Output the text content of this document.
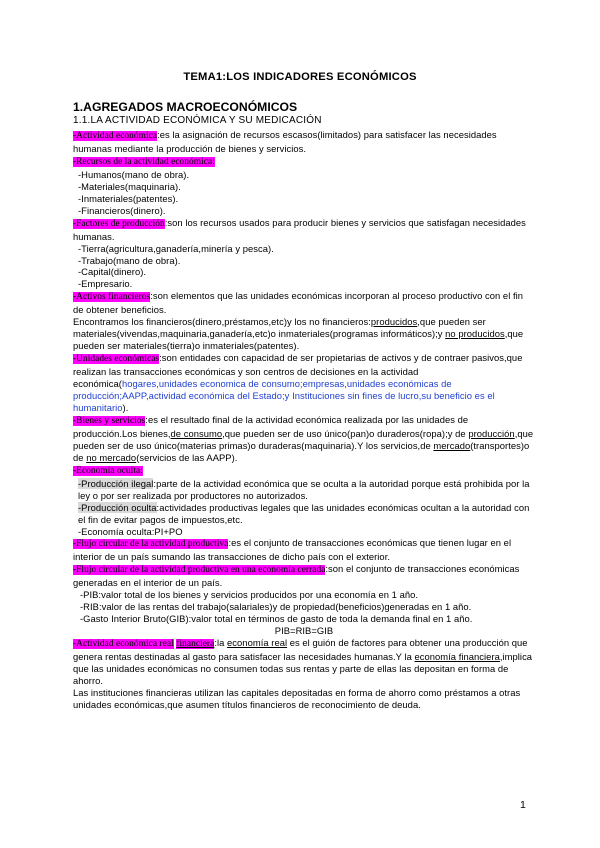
TEMA1:LOS INDICADORES ECONÓMICOS
1.AGREGADOS MACROECONÓMICOS
1.1.LA ACTIVIDAD ECONÓMICA Y SU MEDICACIÓN

-Actividad económica:es la asignación de recursos escasos(limitados) para satisfacer las necesidades humanas mediante la producción de bienes y servicios.

-Recursos de la actividad económica:

-Humanos(mano de obra).

-Materiales(maquinaria).

-Inmateriales(patentes).

-Financieros(dinero).

-Factores de producción:son los recursos usados para producir bienes y servicios que satisfagan necesidades humanas.

-Tierra(agricultura,ganadería,minería y pesca).

-Trabajo(mano de obra).

-Capital(dinero).

-Empresario.

-Activos financieros:son elementos que las unidades económicas incorporan al proceso productivo con el fin de obtener beneficios.

Encontramos los financieros(dinero,préstamos,etc)y los no financieros:producidos,que pueden ser materiales(vivendas,maquinaria,ganadería,etc)o inmateriales(programas informáticos);y no producidos,que pueden ser materiales(tierra)o inmateriales(patentes).

-Unidades económicas:son entidades con capacidad de ser propietarias de activos y de contraer pasivos,que realizan las transacciones económicas y son centros de decisiones en la actividad económica(hogares,unidades economica de consumo;empresas,unidades económicas de producción;AAPP,actividad económica del Estado;y Instituciones sin fines de lucro,su beneficio es el humanitario).

-Bienes y servicios:es el resultado final de la actividad económica realizada por las unidades de producción.Los bienes,de consumo,que pueden ser de uso único(pan)o duraderos(ropa);y de producción,que pueden ser de uso único(materias primas)o duraderas(maquinaria).Y los servicios,de mercado(transportes)o de no mercado(servicios de las AAPP).

-Economía oculta:

-Producción ilegal:parte de la actividad económica que se oculta a la autoridad porque está prohibida por la ley o por ser realizada por productores no autorizados.

-Producción oculta:actividades productivas legales que las unidades económicas ocultan a la autoridad con el fin de evitar pagos de impuestos,etc.

-Economía oculta:PI+PO

-Flujo circular de la actividad productiva:es el conjunto de transacciones económicas que tienen lugar en el interior de un país sumando las transacciones de dicho país con el exterior.

-Flujo circular de la actividad productiva en una economía cerrada:son el conjunto de transacciones económicas generadas en el interior de un país.

-PIB:valor total de los bienes y servicios producidos por una economía en 1 año.

-RIB:valor de las rentas del trabajo(salariales)y de propiedad(beneficios)generadas en 1 año.

-Gasto Interior Bruto(GIB):valor total en términos de gasto de toda la demanda final en 1 año.

PIB=RIB=GIB

-Actividad económica real financiera:la economía real es el guión de factores para obtener una producción que genera rentas destinadas al gasto para satisfacer las necesidades humanas.Y la economía financiera,implica que las unidades económicas no consumen todas sus rentas y parte de ellas las depositan en forma de ahorro.

Las instituciones financieras utilizan las capitales depositadas en forma de ahorro como préstamos a otras unidades económicas,que asumen títulos financieros de reconocimiento de deuda.

1
